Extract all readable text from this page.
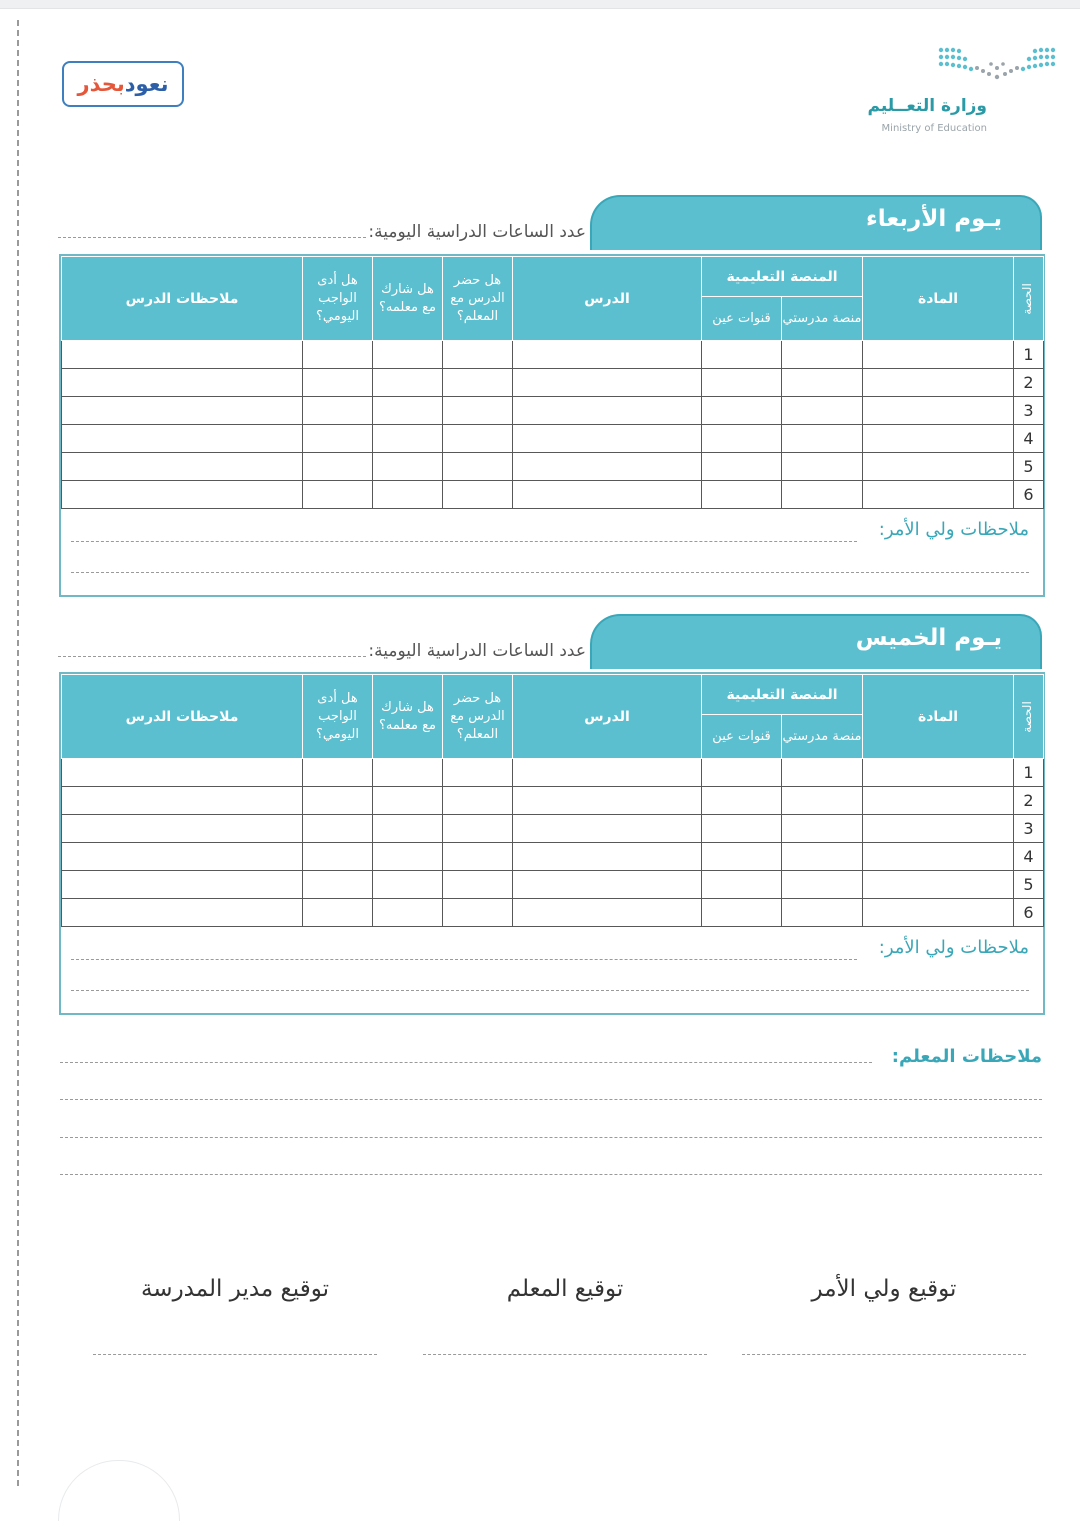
نعود
بحذر
وزارة التعــليم
Ministry of Education
يـوم الأربعاء
عدد الساعات الدراسية اليومية:
الحصة	المادة	المنصة التعليمية		الدرس	هل حضر الدرس مع المعلم؟	هل شارك مع معلمه؟	هل أدى الواجب اليومي؟	ملاحظات الدرس
		منصة مدرستي	قنوات عين					
1								
2								
3								
4								
5								
6								
ملاحظات ولي الأمر:
يـوم الخميس
عدد الساعات الدراسية اليومية:
الحصة	المادة	المنصة التعليمية		الدرس	هل حضر الدرس مع المعلم؟	هل شارك مع معلمه؟	هل أدى الواجب اليومي؟	ملاحظات الدرس
		منصة مدرستي	قنوات عين					
1								
2								
3								
4								
5								
6								
ملاحظات ولي الأمر:
ملاحظات المعلم:
توقيع ولي الأمر
توقيع المعلم
توقيع مدير المدرسة
